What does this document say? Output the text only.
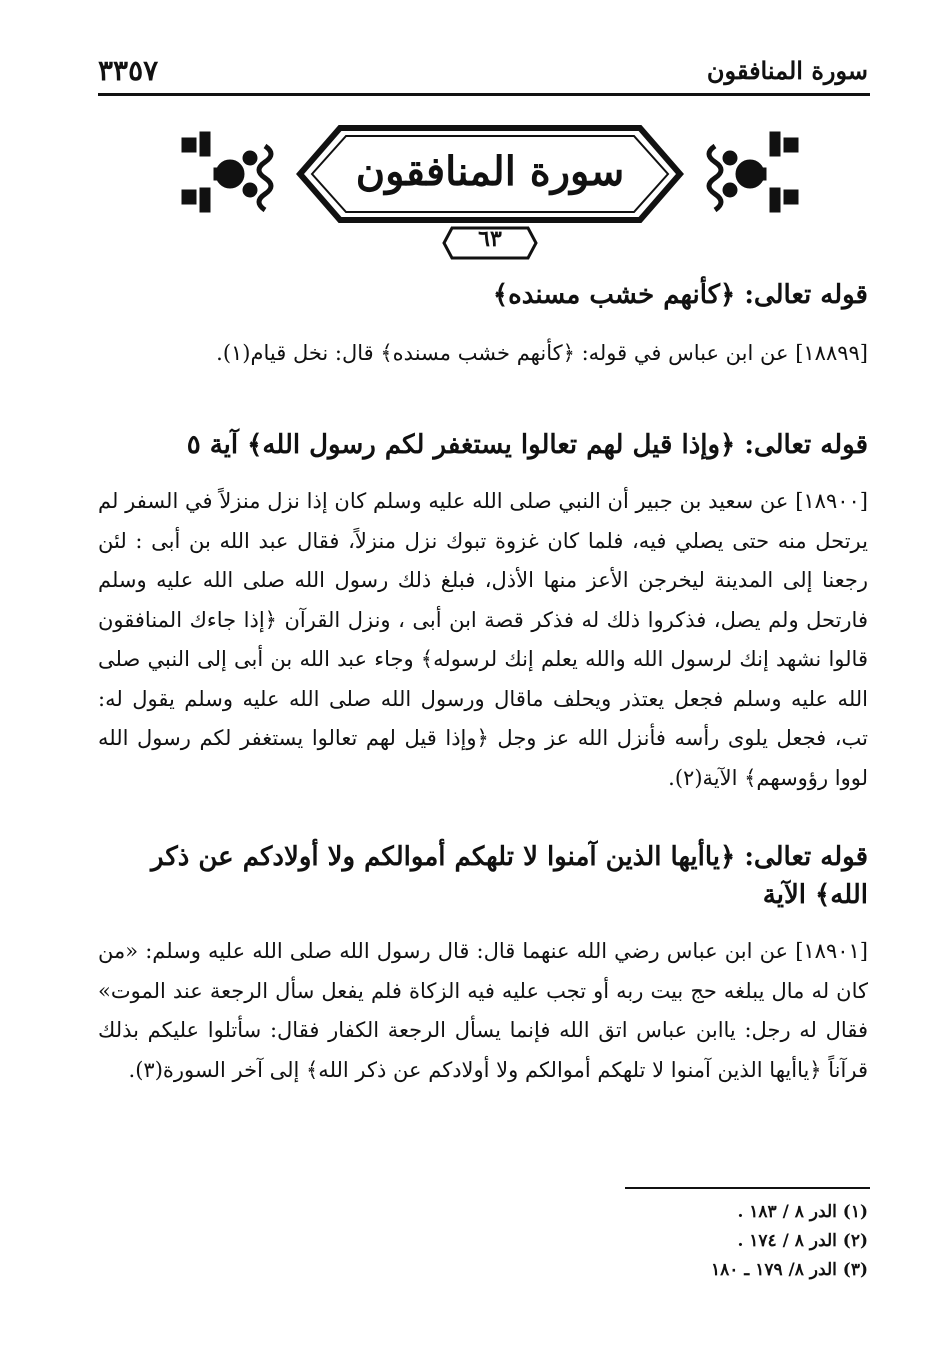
سورة المنافقون
٣٣٥٧
سورة المنافقون
٦٣
قوله تعالى: ﴿كأنهم خشب مسنده﴾

[١٨٨٩٩] عن ابن عباس في قوله: ﴿كأنهم خشب مسنده﴾ قال: نخل قيام(١).

قوله تعالى: ﴿وإذا قيل لهم تعالوا يستغفر لكم رسول الله﴾ آية ٥

[١٨٩٠٠] عن سعيد بن جبير أن النبي صلى الله عليه وسلم كان إذا نزل منزلاً في السفر لم يرتحل منه حتى يصلي فيه، فلما كان غزوة تبوك نزل منزلاً، فقال عبد الله بن أبى : لئن رجعنا إلى المدينة ليخرجن الأعز منها الأذل، فبلغ ذلك رسول الله صلى الله عليه وسلم فارتحل ولم يصل، فذكروا ذلك له فذكر قصة ابن أبى ، ونزل القرآن ﴿إذا جاءك المنافقون قالوا نشهد إنك لرسول الله والله يعلم إنك لرسوله﴾ وجاء عبد الله بن أبى إلى النبي صلى الله عليه وسلم فجعل يعتذر ويحلف ماقال ورسول الله صلى الله عليه وسلم يقول له: تب، فجعل يلوى رأسه فأنزل الله عز وجل ﴿وإذا قيل لهم تعالوا يستغفر لكم رسول الله لووا رؤوسهم﴾ الآية(٢).

قوله تعالى: ﴿ياأيها الذين آمنوا لا تلهكم أموالكم ولا أولادكم عن ذكر الله﴾ الآية

[١٨٩٠١] عن ابن عباس رضي الله عنهما قال: قال رسول الله صلى الله عليه وسلم: «من كان له مال يبلغه حج بيت ربه أو تجب عليه فيه الزكاة فلم يفعل سأل الرجعة عند الموت» فقال له رجل: ياابن عباس اتق الله فإنما يسأل الرجعة الكفار فقال: سأتلوا عليكم بذلك قرآناً ﴿ياأيها الذين آمنوا لا تلهكم أموالكم ولا أولادكم عن ذكر الله﴾ إلى آخر السورة(٣).

(١) الدر ٨ / ١٨٣ .
(٢) الدر ٨ / ١٧٤ .
(٣) الدر ٨/ ١٧٩ ـ ١٨٠
